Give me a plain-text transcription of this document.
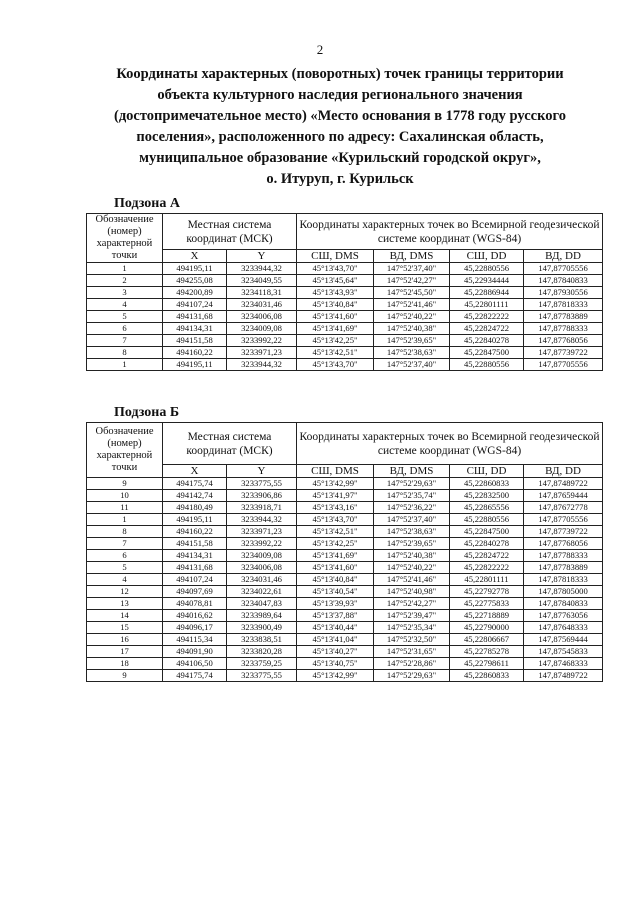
2
Координаты характерных (поворотных) точек границы территории
объекта культурного наследия регионального значения
(достопримечательное место) «Место основания в 1778 году русского
поселения», расположенного по адресу: Сахалинская область,
муниципальное образование «Курильский городской округ»,
о. Итуруп, г. Курильск
Подзона А
Обозначение (номер) характерной точки	Местная система координат (МСК)		Координаты характерных точек во Всемирной геодезической системе координат (WGS-84)			
	X	Y	СШ, DMS	ВД, DMS	СШ, DD	ВД, DD
1	494195,11	3233944,32	45°13'43,70"	147°52'37,40"	45,22880556	147,87705556
2	494255,08	3234049,55	45°13'45,64"	147°52'42,27"	45,22934444	147,87840833
3	494200,89	3234118,31	45°13'43,93"	147°52'45,50"	45,22886944	147,87930556
4	494107,24	3234031,46	45°13'40,84"	147°52'41,46"	45,22801111	147,87818333
5	494131,68	3234006,08	45°13'41,60"	147°52'40,22"	45,22822222	147,87783889
6	494134,31	3234009,08	45°13'41,69"	147°52'40,38"	45,22824722	147,87788333
7	494151,58	3233992,22	45°13'42,25"	147°52'39,65"	45,22840278	147,87768056
8	494160,22	3233971,23	45°13'42,51"	147°52'38,63"	45,22847500	147,87739722
1	494195,11	3233944,32	45°13'43,70"	147°52'37,40"	45,22880556	147,87705556
Подзона Б
Обозначение (номер) характерной точки	Местная система координат (МСК)		Координаты характерных точек во Всемирной геодезической системе координат (WGS-84)			
	X	Y	СШ, DMS	ВД, DMS	СШ, DD	ВД, DD
9	494175,74	3233775,55	45°13'42,99"	147°52'29,63"	45,22860833	147,87489722
10	494142,74	3233906,86	45°13'41,97"	147°52'35,74"	45,22832500	147,87659444
11	494180,49	3233918,71	45°13'43,16"	147°52'36,22"	45,22865556	147,87672778
1	494195,11	3233944,32	45°13'43,70"	147°52'37,40"	45,22880556	147,87705556
8	494160,22	3233971,23	45°13'42,51"	147°52'38,63"	45,22847500	147,87739722
7	494151,58	3233992,22	45°13'42,25"	147°52'39,65"	45,22840278	147,87768056
6	494134,31	3234009,08	45°13'41,69"	147°52'40,38"	45,22824722	147,87788333
5	494131,68	3234006,08	45°13'41,60"	147°52'40,22"	45,22822222	147,87783889
4	494107,24	3234031,46	45°13'40,84"	147°52'41,46"	45,22801111	147,87818333
12	494097,69	3234022,61	45°13'40,54"	147°52'40,98"	45,22792778	147,87805000
13	494078,81	3234047,83	45°13'39,93"	147°52'42,27"	45,22775833	147,87840833
14	494016,62	3233989,64	45°13'37,88"	147°52'39,47"	45,22718889	147,87763056
15	494096,17	3233900,49	45°13'40,44"	147°52'35,34"	45,22790000	147,87648333
16	494115,34	3233838,51	45°13'41,04"	147°52'32,50"	45,22806667	147,87569444
17	494091,90	3233820,28	45°13'40,27"	147°52'31,65"	45,22785278	147,87545833
18	494106,50	3233759,25	45°13'40,75"	147°52'28,86"	45,22798611	147,87468333
9	494175,74	3233775,55	45°13'42,99"	147°52'29,63"	45,22860833	147,87489722
